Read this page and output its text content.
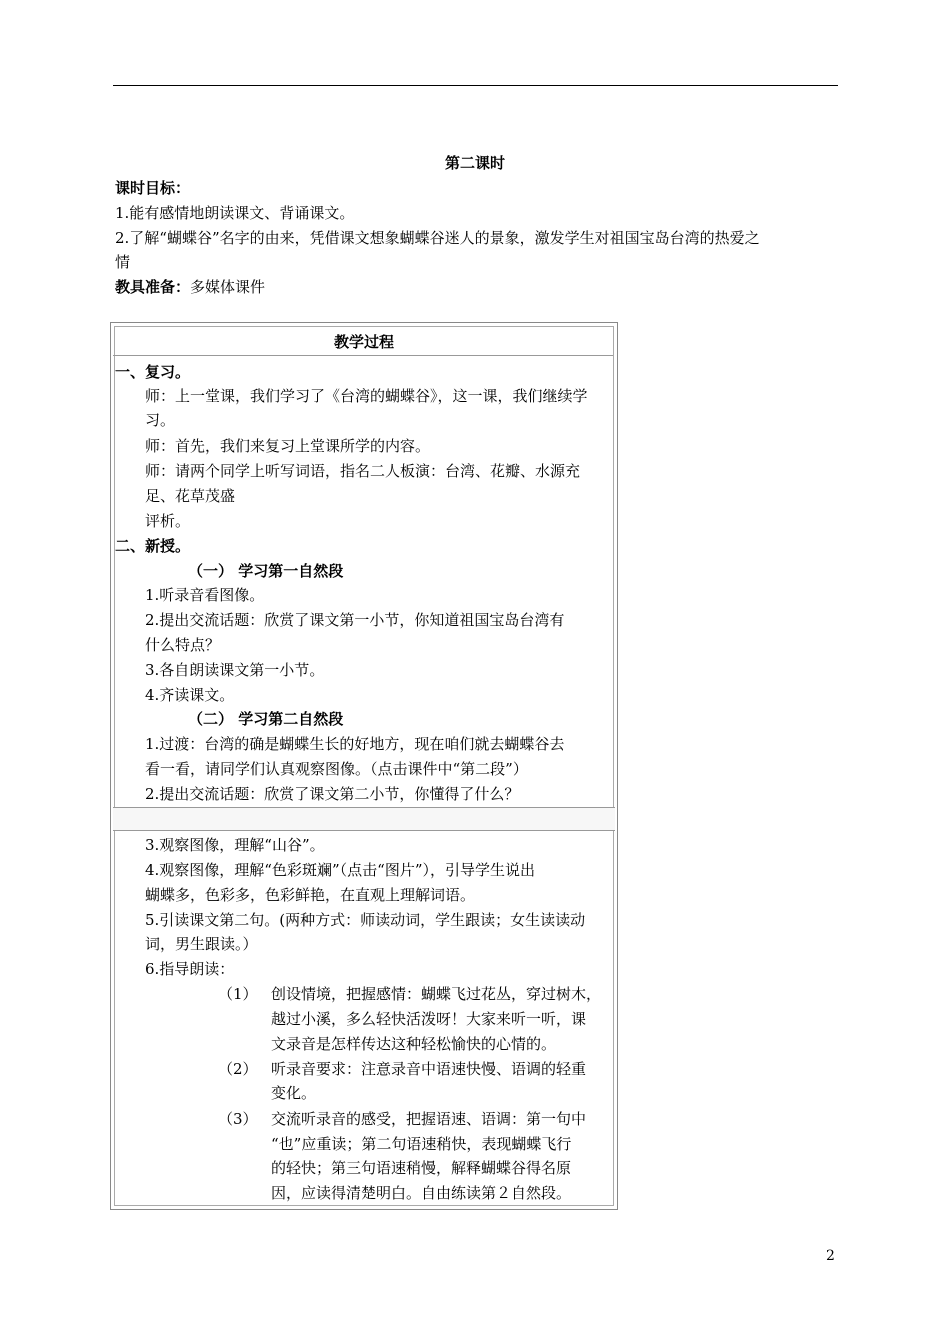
第二课时
课时目标：
1.能有感情地朗读课文、背诵课文。
2.了解“蝴蝶谷”名字的由来，凭借课文想象蝴蝶谷迷人的景象，激发学生对祖国宝岛台湾的热爱之
情
教具准备：多媒体课件
教学过程
一、复习。
师：上一堂课，我们学习了《台湾的蝴蝶谷》，这一课，我们继续学
习。
师：首先，我们来复习上堂课所学的内容。
师：请两个同学上听写词语，指名二人板演：台湾、花瓣、水源充
足、花草茂盛
评析。
二、新授。
（一） 学习第一自然段
1.听录音看图像。
2.提出交流话题：欣赏了课文第一小节，你知道祖国宝岛台湾有
什么特点？
3.各自朗读课文第一小节。
4.齐读课文。
（二） 学习第二自然段
1.过渡：台湾的确是蝴蝶生长的好地方，现在咱们就去蝴蝶谷去
看一看，请同学们认真观察图像。（点击课件中“第二段”）
2.提出交流话题：欣赏了课文第二小节，你懂得了什么？
3.观察图像，理解“山谷”。
4.观察图像，理解“色彩斑斓”（点击“图片”），引导学生说出
蝴蝶多，色彩多，色彩鲜艳，在直观上理解词语。
5.引读课文第二句。(两种方式：师读动词，学生跟读；女生读读动
词，男生跟读。）
6.指导朗读：
（1） 创设情境，把握感情：蝴蝶飞过花丛，穿过树木，
越过小溪，多么轻快活泼呀！大家来听一听，课
文录音是怎样传达这种轻松愉快的心情的。
（2） 听录音要求：注意录音中语速快慢、语调的轻重
变化。
（3） 交流听录音的感受，把握语速、语调：第一句中
“也”应重读；第二句语速稍快，表现蝴蝶飞行
的轻快；第三句语速稍慢，解释蝴蝶谷得名原
因，应读得清楚明白。自由练读第２自然段。
2
